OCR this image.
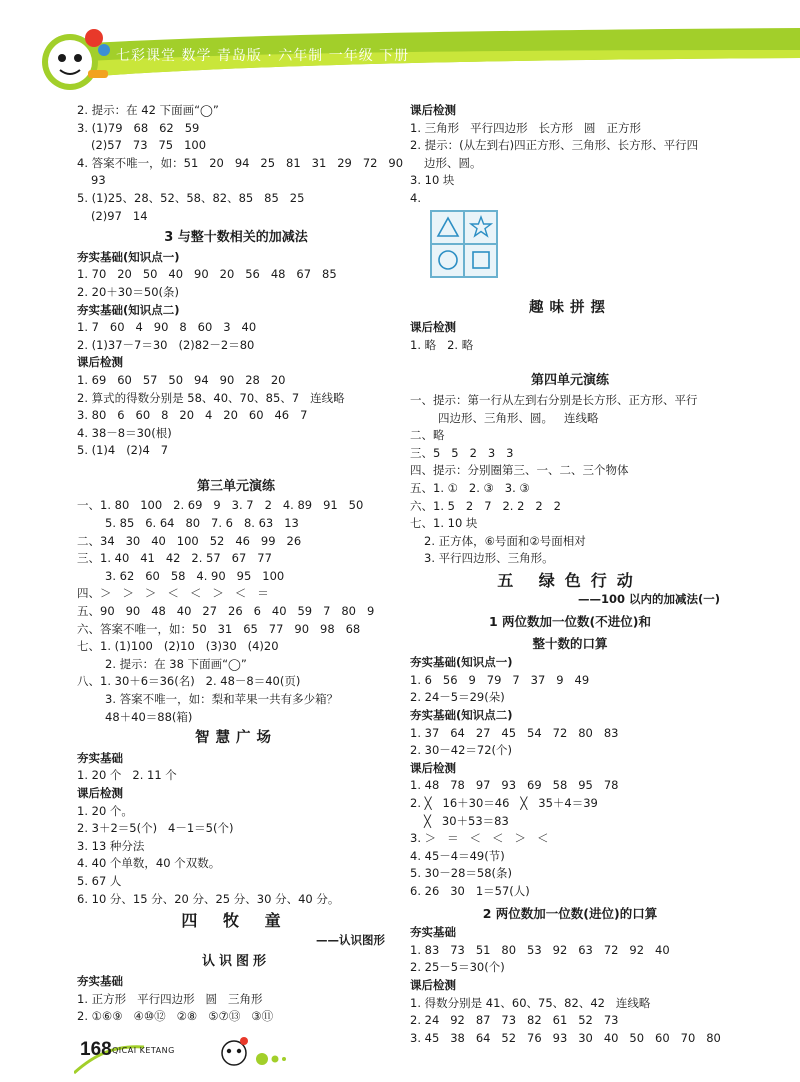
七彩课堂 数学 青岛版 · 六年制 一年级 下册
2. 提示：在 42 下面画“◯”
3. (1)79   68   62   59
(2)57   73   75   100
4. 答案不唯一，如：51   20   94   25   81   31   29   72   90
93
5. (1)25、28、52、58、82、85   85   25
(2)97   14
3 与整十数相关的加减法
夯实基础(知识点一)
1. 70   20   50   40   90   20   56   48   67   85
2. 20＋30＝50(条)
夯实基础(知识点二)
1. 7   60   4   90   8   60   3   40
2. (1)37－7＝30   (2)82－2＝80
课后检测
1. 69   60   57   50   94   90   28   20
2. 算式的得数分别是 58、40、70、85、7   连线略
3. 80   6   60   8   20   4   20   60   46   7
4. 38－8＝30(根)
5. (1)4   (2)4   7
第三单元演练
一、1. 80   100   2. 69   9   3. 7   2   4. 89   91   50
5. 85   6. 64   80   7. 6   8. 63   13
二、34   30   40   100   52   46   99   26
三、1. 40   41   42   2. 57   67   77
3. 62   60   58   4. 90   95   100
四、＞   ＞   ＞   ＜   ＜   ＞   ＜   ＝
五、90   90   48   40   27   26   6   40   59   7   80   9
六、答案不唯一，如：50   31   65   77   90   98   68
七、1. (1)100   (2)10   (3)30   (4)20
2. 提示：在 38 下面画“◯”
八、1. 30＋6＝36(名)   2. 48－8＝40(页)
3. 答案不唯一，如：梨和苹果一共有多少箱？
48＋40＝88(箱)
智慧广场
夯实基础
1. 20 个   2. 11 个
课后检测
1. 20 个。
2. 3＋2＝5(个)   4－1＝5(个)
3. 13 种分法
4. 40 个单数，40 个双数。
5. 67 人
6. 10 分、15 分、20 分、25 分、30 分、40 分。
四 牧 童
——认识图形
认识图形
夯实基础
1. 正方形   平行四边形   圆   三角形
2. ①⑥⑨   ④⑩⑫   ②⑧   ⑤⑦⑬   ③⑪
课后检测
1. 三角形   平行四边形   长方形   圆   正方形
2. 提示：(从左到右)四正方形、三角形、长方形、平行四
边形、圆。
3. 10 块
4.
趣味拼摆
课后检测
1. 略   2. 略
第四单元演练
一、提示：第一行从左到右分别是长方形、正方形、平行
四边形、三角形、圆。   连线略
二、略
三、5   5   2   3   3
四、提示：分别圈第三、一、二、三个物体
五、1. ①   2. ③   3. ③
六、1. 5   2   7   2. 2   2   2
七、1. 10 块
2. 正方体，⑥号面和②号面相对
3. 平行四边形、三角形。
五 绿色行动
——100 以内的加减法(一)
1 两位数加一位数(不进位)和
整十数的口算
夯实基础(知识点一)
1. 6   56   9   79   7   37   9   49
2. 24－5＝29(朵)
夯实基础(知识点二)
1. 37   64   27   45   54   72   80   83
2. 30－42＝72(个)
课后检测
1. 48   78   97   93   69   58   95   78
2. ╳   16＋30＝46   ╳   35＋4＝39
╳   30＋53＝83
3. ＞   ＝   ＜   ＜   ＞   ＜
4. 45－4＝49(节)
5. 30－28＝58(条)
6. 26   30   1＝57(人)
2 两位数加一位数(进位)的口算
夯实基础
1. 83   73   51   80   53   92   63   72   92   40
2. 25－5＝30(个)
课后检测
1. 得数分别是 41、60、75、82、42   连线略
2. 24   92   87   73   82   61   52   73
3. 45   38   64   52   76   93   30   40   50   60   70   80
168 QICAI KETANG
